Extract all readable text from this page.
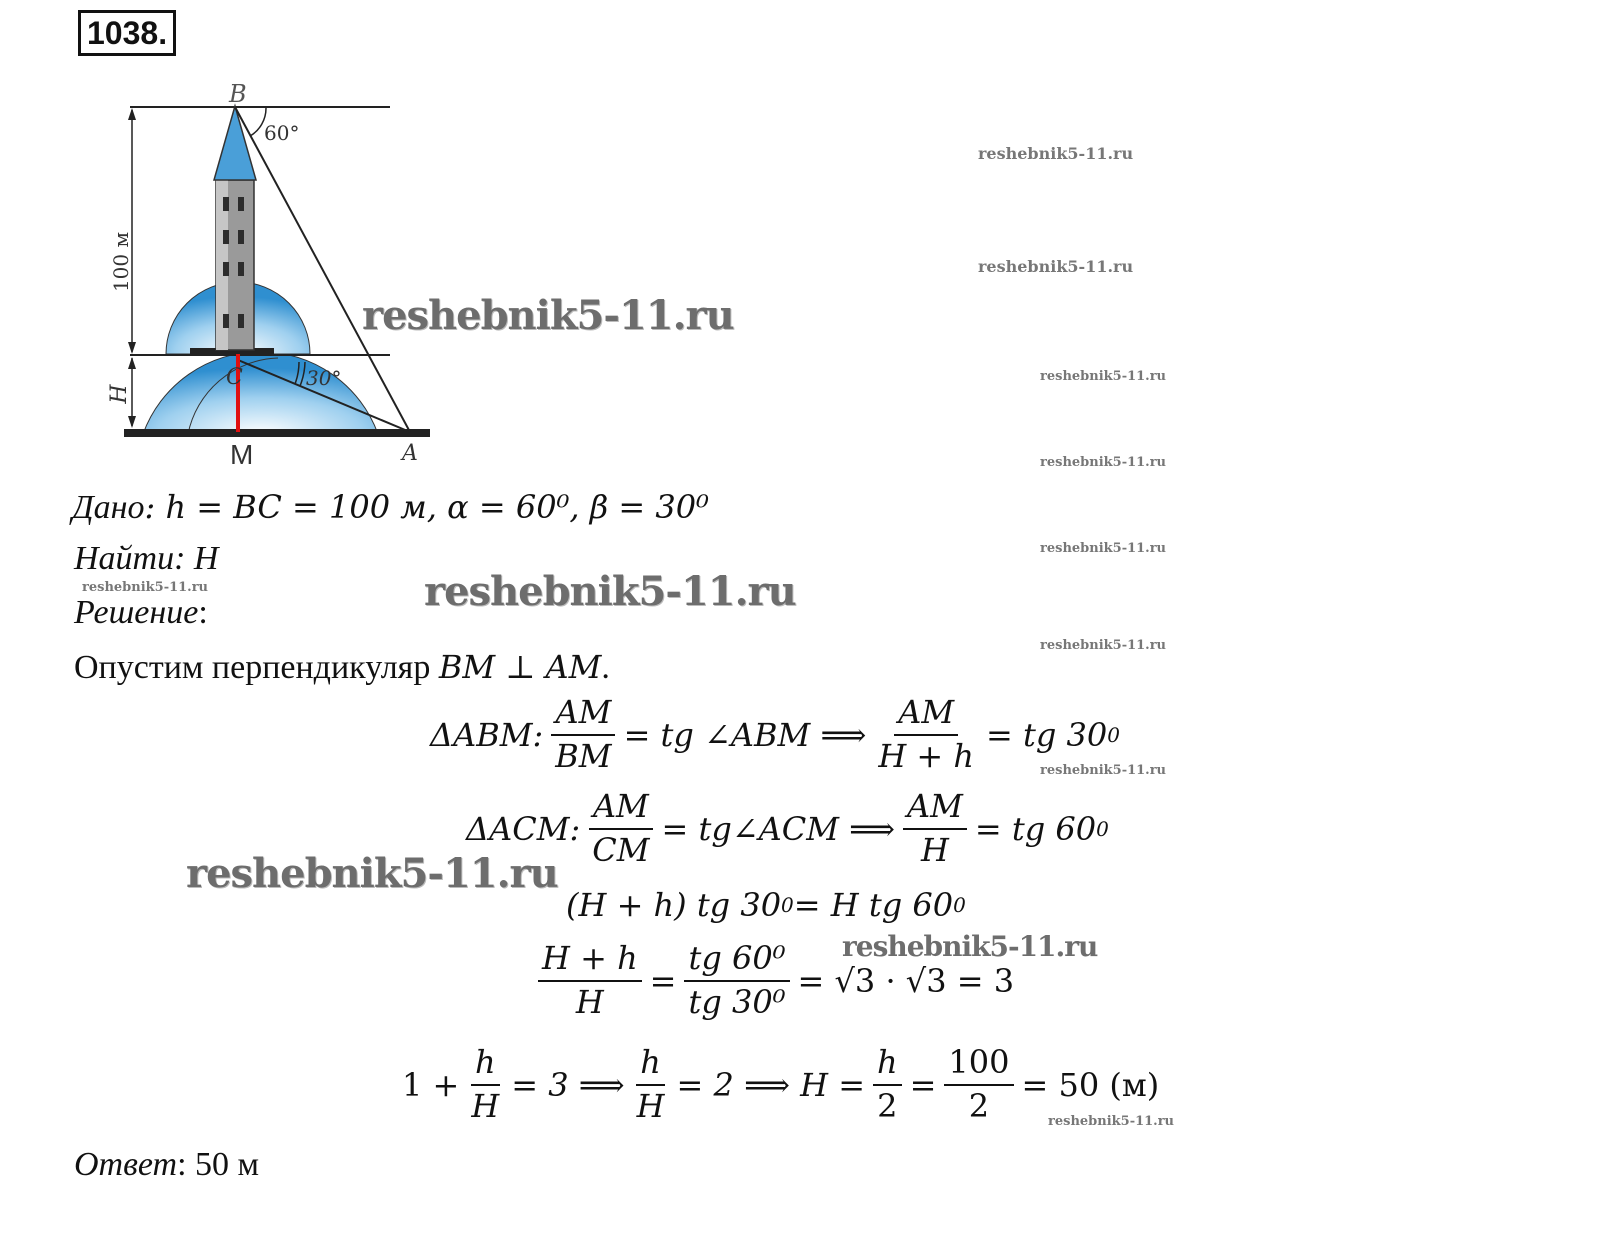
1038.
B
60°
100 м
C	30°
H
M	A
Дано: h = BC = 100 м, α = 60⁰, β = 30⁰
Найти: H
Решение:
Опустим перпендикуляр BM ⊥ AM.
ΔABM: $\frac{AM}{BM}$ = tg ∠ABM ⟹ $\frac{AM}{H + h}$ = tg 30 0
ΔACM: $\frac{AM}{CM}$ = tg∠ACM ⟹ $\frac{AM}{H}$ = tg 60 0
(H + h) tg 30 0 = H tg 60 0
$\frac{H + h}{H} = \frac{\text{tg 60⁰}}{\text{tg 30⁰}} = √3 \cdot √3 = 3$
$1 + \frac{h}{H} = 3$ ⟹ $\frac{h}{H} = 2$ ⟹ $H = \frac{h}{2} = \frac{100}{2} = 50$ (м)
Ответ: 50 м
reshebnik5-11.ru
reshebnik5-11.ru
reshebnik5-11.ru
reshebnik5-11.ru
reshebnik5-11.ru
reshebnik5-11.ru
reshebnik5-11.ru	reshebnik5-11.ru
reshebnik5-11.ru
reshebnik5-11.ru
reshebnik5-11.ru
reshebnik5-11.ru
reshebnik5-11.ru
